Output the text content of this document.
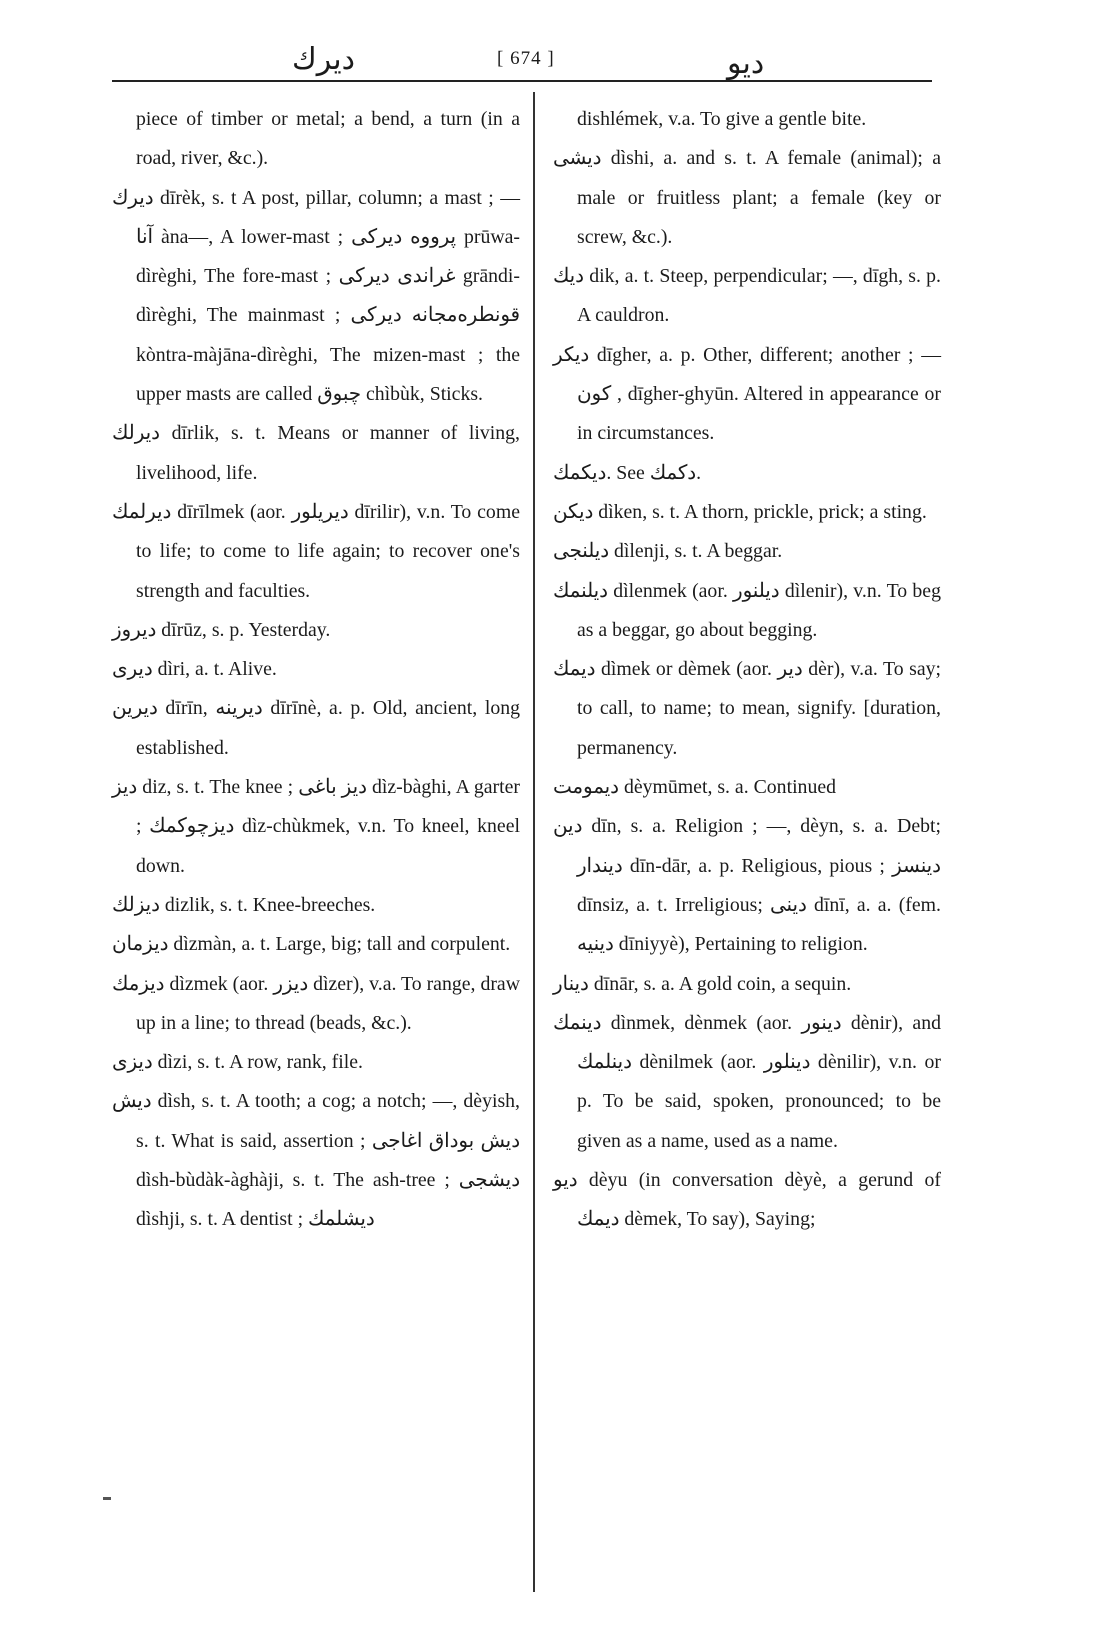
ديرك	[ 674 ]	ديو

piece of timber or metal; a bend, a turn (in a road, river, &c.).

ديرك dīrèk, s. t A post, pillar, column; a mast ; —آنا àna—, A lower-mast ; پرووه ديركى prūwa-dìrèghi, The fore-mast ; غراندى ديركى grāndi-dìrèghi, The mainmast ; قونطره‌مجانه ديركى kòntra-màjāna-dìrèghi, The mizen-mast ; the upper masts are called چبوق chìbùk, Sticks.

ديرلك dīrlik, s. t. Means or manner of living, livelihood, life.

ديرلمك dīrīlmek (aor. ديريلور dīrilir), v.n. To come to life; to come to life again; to recover one's strength and faculties.

ديروز dīrūz, s. p. Yesterday.

ديرى dìri, a. t. Alive.

ديرين dīrīn, ديرينه dīrīnè, a. p. Old, ancient, long established.

ديز diz, s. t. The knee ; ديز باغى dìz-bàghi, A garter ; ديزچوكمك dìz-chùkmek, v.n. To kneel, kneel down.

ديزلك dizlik, s. t. Knee-breeches.

ديزمان dìzmàn, a. t. Large, big; tall and corpulent.

ديزمك dìzmek (aor. ديزر dìzer), v.a. To range, draw up in a line; to thread (beads, &c.).

ديزى dìzi, s. t. A row, rank, file.

ديش dìsh, s. t. A tooth; a cog; a notch; —, dèyish, s. t. What is said, assertion ; ديش بوداق اغاجى dìsh-bùdàk-àghàji, s. t. The ash-tree ; ديشجى dìshji, s. t. A dentist ; ديشلمك

dishlémek, v.a. To give a gentle bite.

ديشى dìshi, a. and s. t. A female (animal); a male or fruitless plant; a female (key or screw, &c.).

ديك dik, a. t. Steep, perpendicular; —, dīgh, s. p. A cauldron.

ديكر dīgher, a. p. Other, different; another ; —كون , dīgher-ghyūn. Altered in appearance or in circumstances.

ديكمك. See دكمك.

ديكن dìken, s. t. A thorn, prickle, prick; a sting.

ديلنجى dìlenji, s. t. A beggar.

ديلنمك dìlenmek (aor. ديلنور dìlenir), v.n. To beg as a beggar, go about begging.

ديمك dìmek or dèmek (aor. دير dèr), v.a. To say; to call, to name; to mean, signify. [duration, permanency.

ديمومت dèymūmet, s. a. Continued

دين dīn, s. a. Religion ; —, dèyn, s. a. Debt; ديندار dīn-dār, a. p. Religious, pious ; دينسز dīnsiz, a. t. Irreligious; دينى dīnī, a. a. (fem. دينيه dīniyyè), Pertaining to religion.

دينار dīnār, s. a. A gold coin, a sequin.

دينمك dìnmek, dènmek (aor. دينور dènir), and دينلمك dènilmek (aor. دينلور dènilir), v.n. or p. To be said, spoken, pronounced; to be given as a name, used as a name.

ديو dèyu (in conversation dèyè, a gerund of ديمك dèmek, To say), Saying;
